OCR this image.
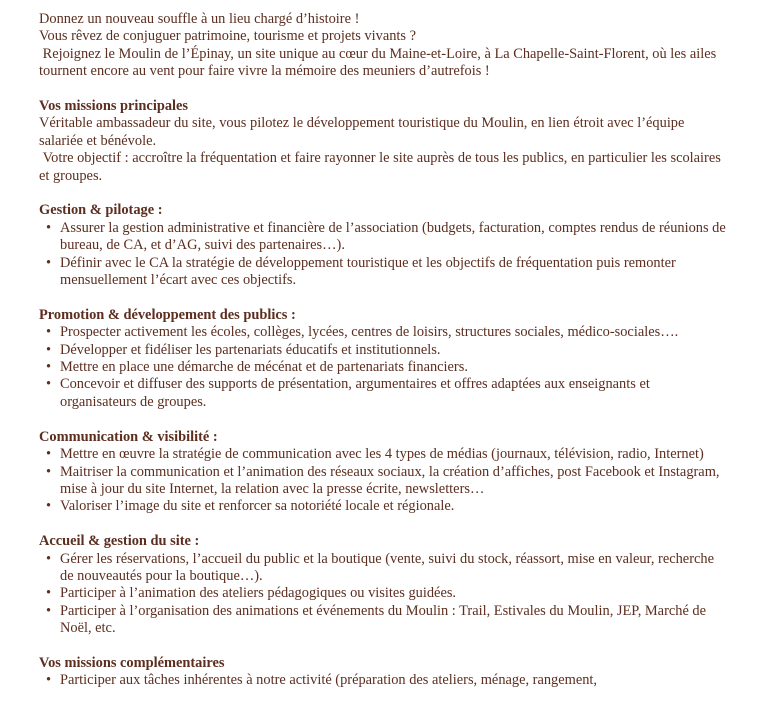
Donnez un nouveau souffle à un lieu chargé d’histoire !

Vous rêvez de conjuguer patrimoine, tourisme et projets vivants ?

Rejoignez le Moulin de l’Épinay, un site unique au cœur du Maine-et-Loire, à La Chapelle-Saint-Florent, où les ailes tournent encore au vent pour faire vivre la mémoire des meuniers d’autrefois !

Vos missions principales

Véritable ambassadeur du site, vous pilotez le développement touristique du Moulin, en lien étroit avec l’équipe salariée et bénévole.

Votre objectif : accroître la fréquentation et faire rayonner le site auprès de tous les publics, en particulier les scolaires et groupes.

Gestion & pilotage :

• Assurer la gestion administrative et financière de l’association (budgets, facturation, comptes rendus de réunions de bureau, de CA, et d’AG, suivi des partenaires…).
• Définir avec le CA la stratégie de développement touristique et les objectifs de fréquentation puis remonter mensuellement l’écart avec ces objectifs.

Promotion & développement des publics :

• Prospecter activement les écoles, collèges, lycées, centres de loisirs, structures sociales, médico-sociales….
• Développer et fidéliser les partenariats éducatifs et institutionnels.
• Mettre en place une démarche de mécénat et de partenariats financiers.
• Concevoir et diffuser des supports de présentation, argumentaires et offres adaptées aux enseignants et organisateurs de groupes.

Communication & visibilité :

• Mettre en œuvre la stratégie de communication avec les 4 types de médias (journaux, télévision, radio, Internet)
• Maitriser la communication et l’animation des réseaux sociaux, la création d’affiches, post Facebook et Instagram, mise à jour du site Internet, la relation avec la presse écrite, newsletters…
• Valoriser l’image du site et renforcer sa notoriété locale et régionale.

Accueil & gestion du site :

• Gérer les réservations, l’accueil du public et la boutique (vente, suivi du stock, réassort, mise en valeur, recherche de nouveautés pour la boutique…).
• Participer à l’animation des ateliers pédagogiques ou visites guidées.
• Participer à l’organisation des animations et événements du Moulin : Trail, Estivales du Moulin, JEP, Marché de Noël, etc.

Vos missions complémentaires

• Participer aux tâches inhérentes à notre activité (préparation des ateliers, ménage, rangement,
